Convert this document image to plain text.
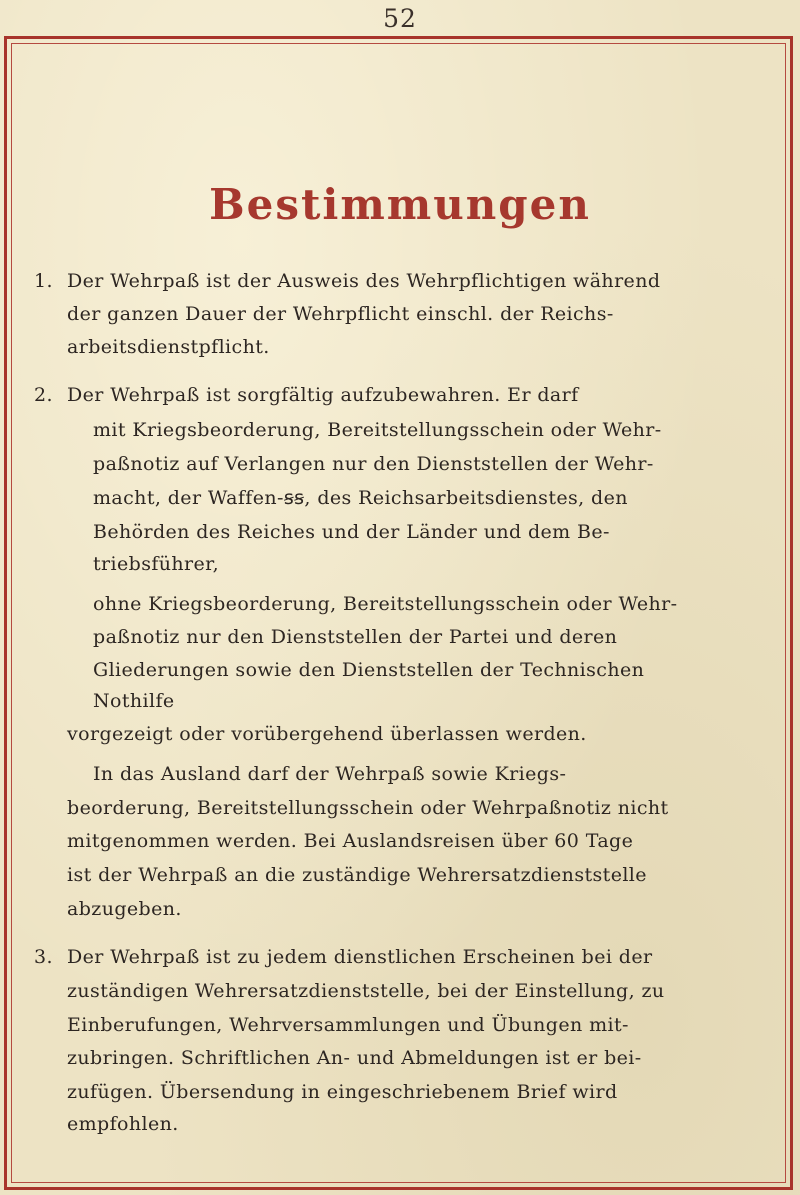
52
Bestimmungen
1. Der Wehrpaß ist der Ausweis des Wehrpflichtigen während
der ganzen Dauer der Wehrpflicht einschl. der Reichs-
arbeitsdienstpflicht.
2. Der Wehrpaß ist sorgfältig aufzubewahren. Er darf
mit Kriegsbeorderung, Bereitstellungsschein oder Wehr-
paßnotiz auf Verlangen nur den Dienststellen der Wehr-
macht, der Waffen-ꞩꞩ, des Reichsarbeitsdienstes, den
Behörden des Reiches und der Länder und dem Be-
triebsführer,
ohne Kriegsbeorderung, Bereitstellungsschein oder Wehr-
paßnotiz nur den Dienststellen der Partei und deren
Gliederungen sowie den Dienststellen der Technischen
Nothilfe
vorgezeigt oder vorübergehend überlassen werden.
In das Ausland darf der Wehrpaß sowie Kriegs-
beorderung, Bereitstellungsschein oder Wehrpaßnotiz nicht
mitgenommen werden. Bei Auslandsreisen über 60 Tage
ist der Wehrpaß an die zuständige Wehrersatzdienststelle
abzugeben.
3. Der Wehrpaß ist zu jedem dienstlichen Erscheinen bei der
zuständigen Wehrersatzdienststelle, bei der Einstellung, zu
Einberufungen, Wehrversammlungen und Übungen mit-
zubringen. Schriftlichen An- und Abmeldungen ist er bei-
zufügen. Übersendung in eingeschriebenem Brief wird
empfohlen.
